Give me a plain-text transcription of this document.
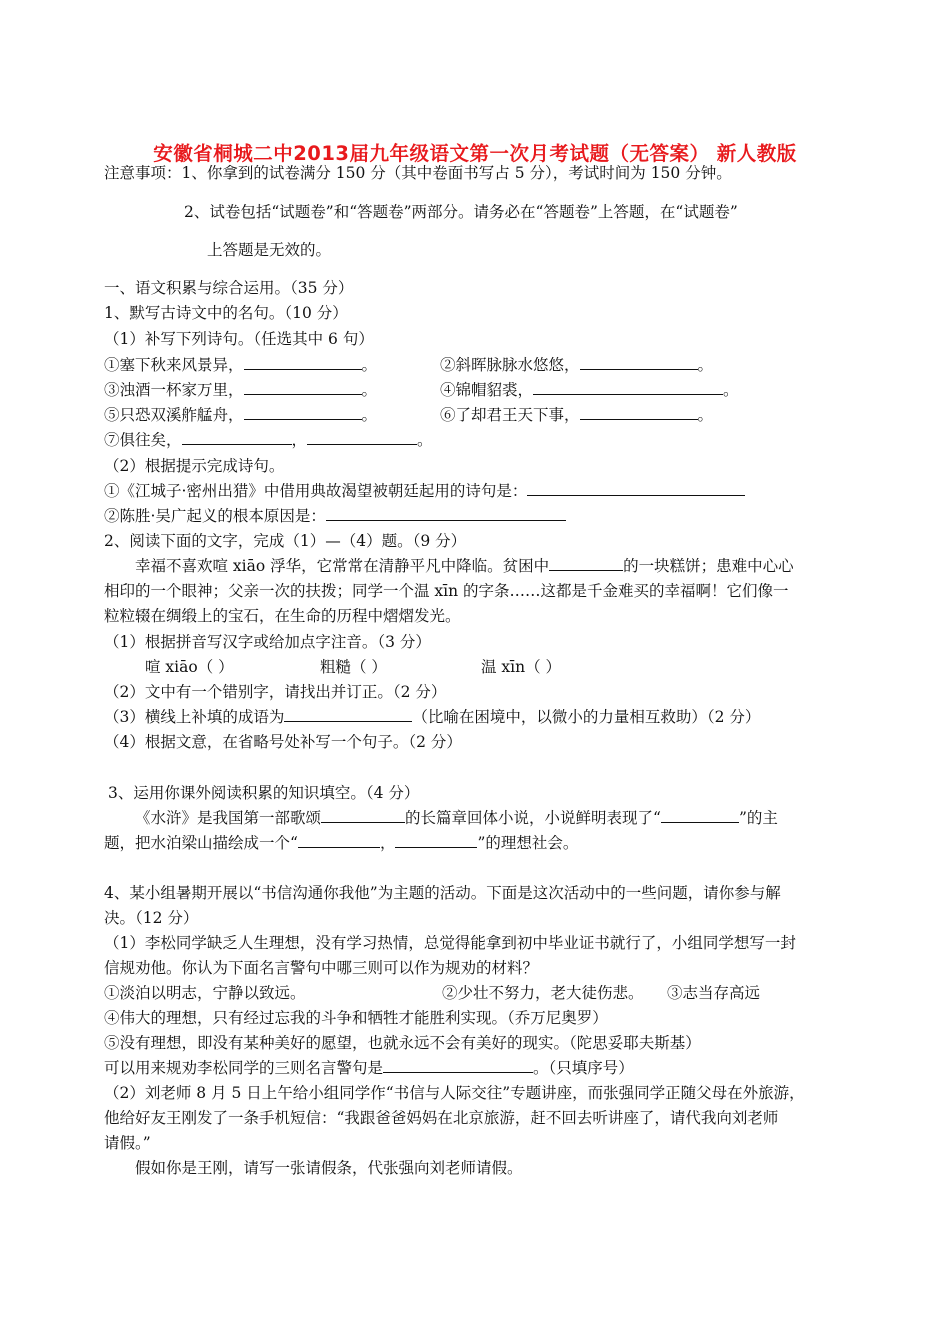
安徽省桐城二中2013届九年级语文第一次月考试题（无答案） 新人教版
注意事项：1、你拿到的试卷满分 150 分（其中卷面书写占 5 分），考试时间为 150 分钟。
2、试卷包括“试题卷”和“答题卷”两部分。请务必在“答题卷”上答题，在“试题卷”
上答题是无效的。
一、语文积累与综合运用。（35 分）
1、默写古诗文中的名句。（10 分）
（1）补写下列诗句。（任选其中 6 句）
①塞下秋来风景异，	。	②斜晖脉脉水悠悠，	。
③浊酒一杯家万里，	。	④锦帽貂裘，	。
⑤只恐双溪舴艋舟，	。	⑥了却君王天下事，	。
⑦俱往矣，	，	。
（2）根据提示完成诗句。
①《江城子·密州出猎》中借用典故渴望被朝廷起用的诗句是：
②陈胜·吴广起义的根本原因是：
2、阅读下面的文字，完成（1）—（4）题。（9 分）
幸福不喜欢喧 xiāo 浮华，它常常在清静平凡中降临。贫困中	的一块糕饼；患难中心心
相印的一个眼神；父亲一次的扶拨；同学一个温 xīn 的字条……这都是千金难买的幸福啊！它们像一
粒粒辍在绸缎上的宝石，在生命的历程中熠熠发光。
（1）根据拼音写汉字或给加点字注音。（3 分）
喧 xiāo（ ）	粗糙（ ）	温 xīn（ ）
（2）文中有一个错别字，请找出并订正。（2 分）
（3）横线上补填的成语为	（比喻在困境中，以微小的力量相互救助）（2 分）
（4）根据文意，在省略号处补写一个句子。（2 分）
3、运用你课外阅读积累的知识填空。（4 分）
《水浒》是我国第一部歌颂	的长篇章回体小说，小说鲜明表现了“	”的主
题，把水泊梁山描绘成一个“	，	”的理想社会。
4、某小组暑期开展以“书信沟通你我他”为主题的活动。下面是这次活动中的一些问题，请你参与解
决。（12 分）
（1）李松同学缺乏人生理想，没有学习热情，总觉得能拿到初中毕业证书就行了，小组同学想写一封
信规劝他。你认为下面名言警句中哪三则可以作为规劝的材料？
①淡泊以明志，宁静以致远。	②少壮不努力，老大徒伤悲。 ③志当存高远
④伟大的理想，只有经过忘我的斗争和牺牲才能胜利实现。（乔万尼奥罗）
⑤没有理想，即没有某种美好的愿望，也就永远不会有美好的现实。（陀思妥耶夫斯基）
可以用来规劝李松同学的三则名言警句是	。（只填序号）
（2）刘老师 8 月 5 日上午给小组同学作“书信与人际交往”专题讲座，而张强同学正随父母在外旅游，
他给好友王刚发了一条手机短信：“我跟爸爸妈妈在北京旅游，赶不回去听讲座了，请代我向刘老师
请假。”
假如你是王刚，请写一张请假条，代张强向刘老师请假。
